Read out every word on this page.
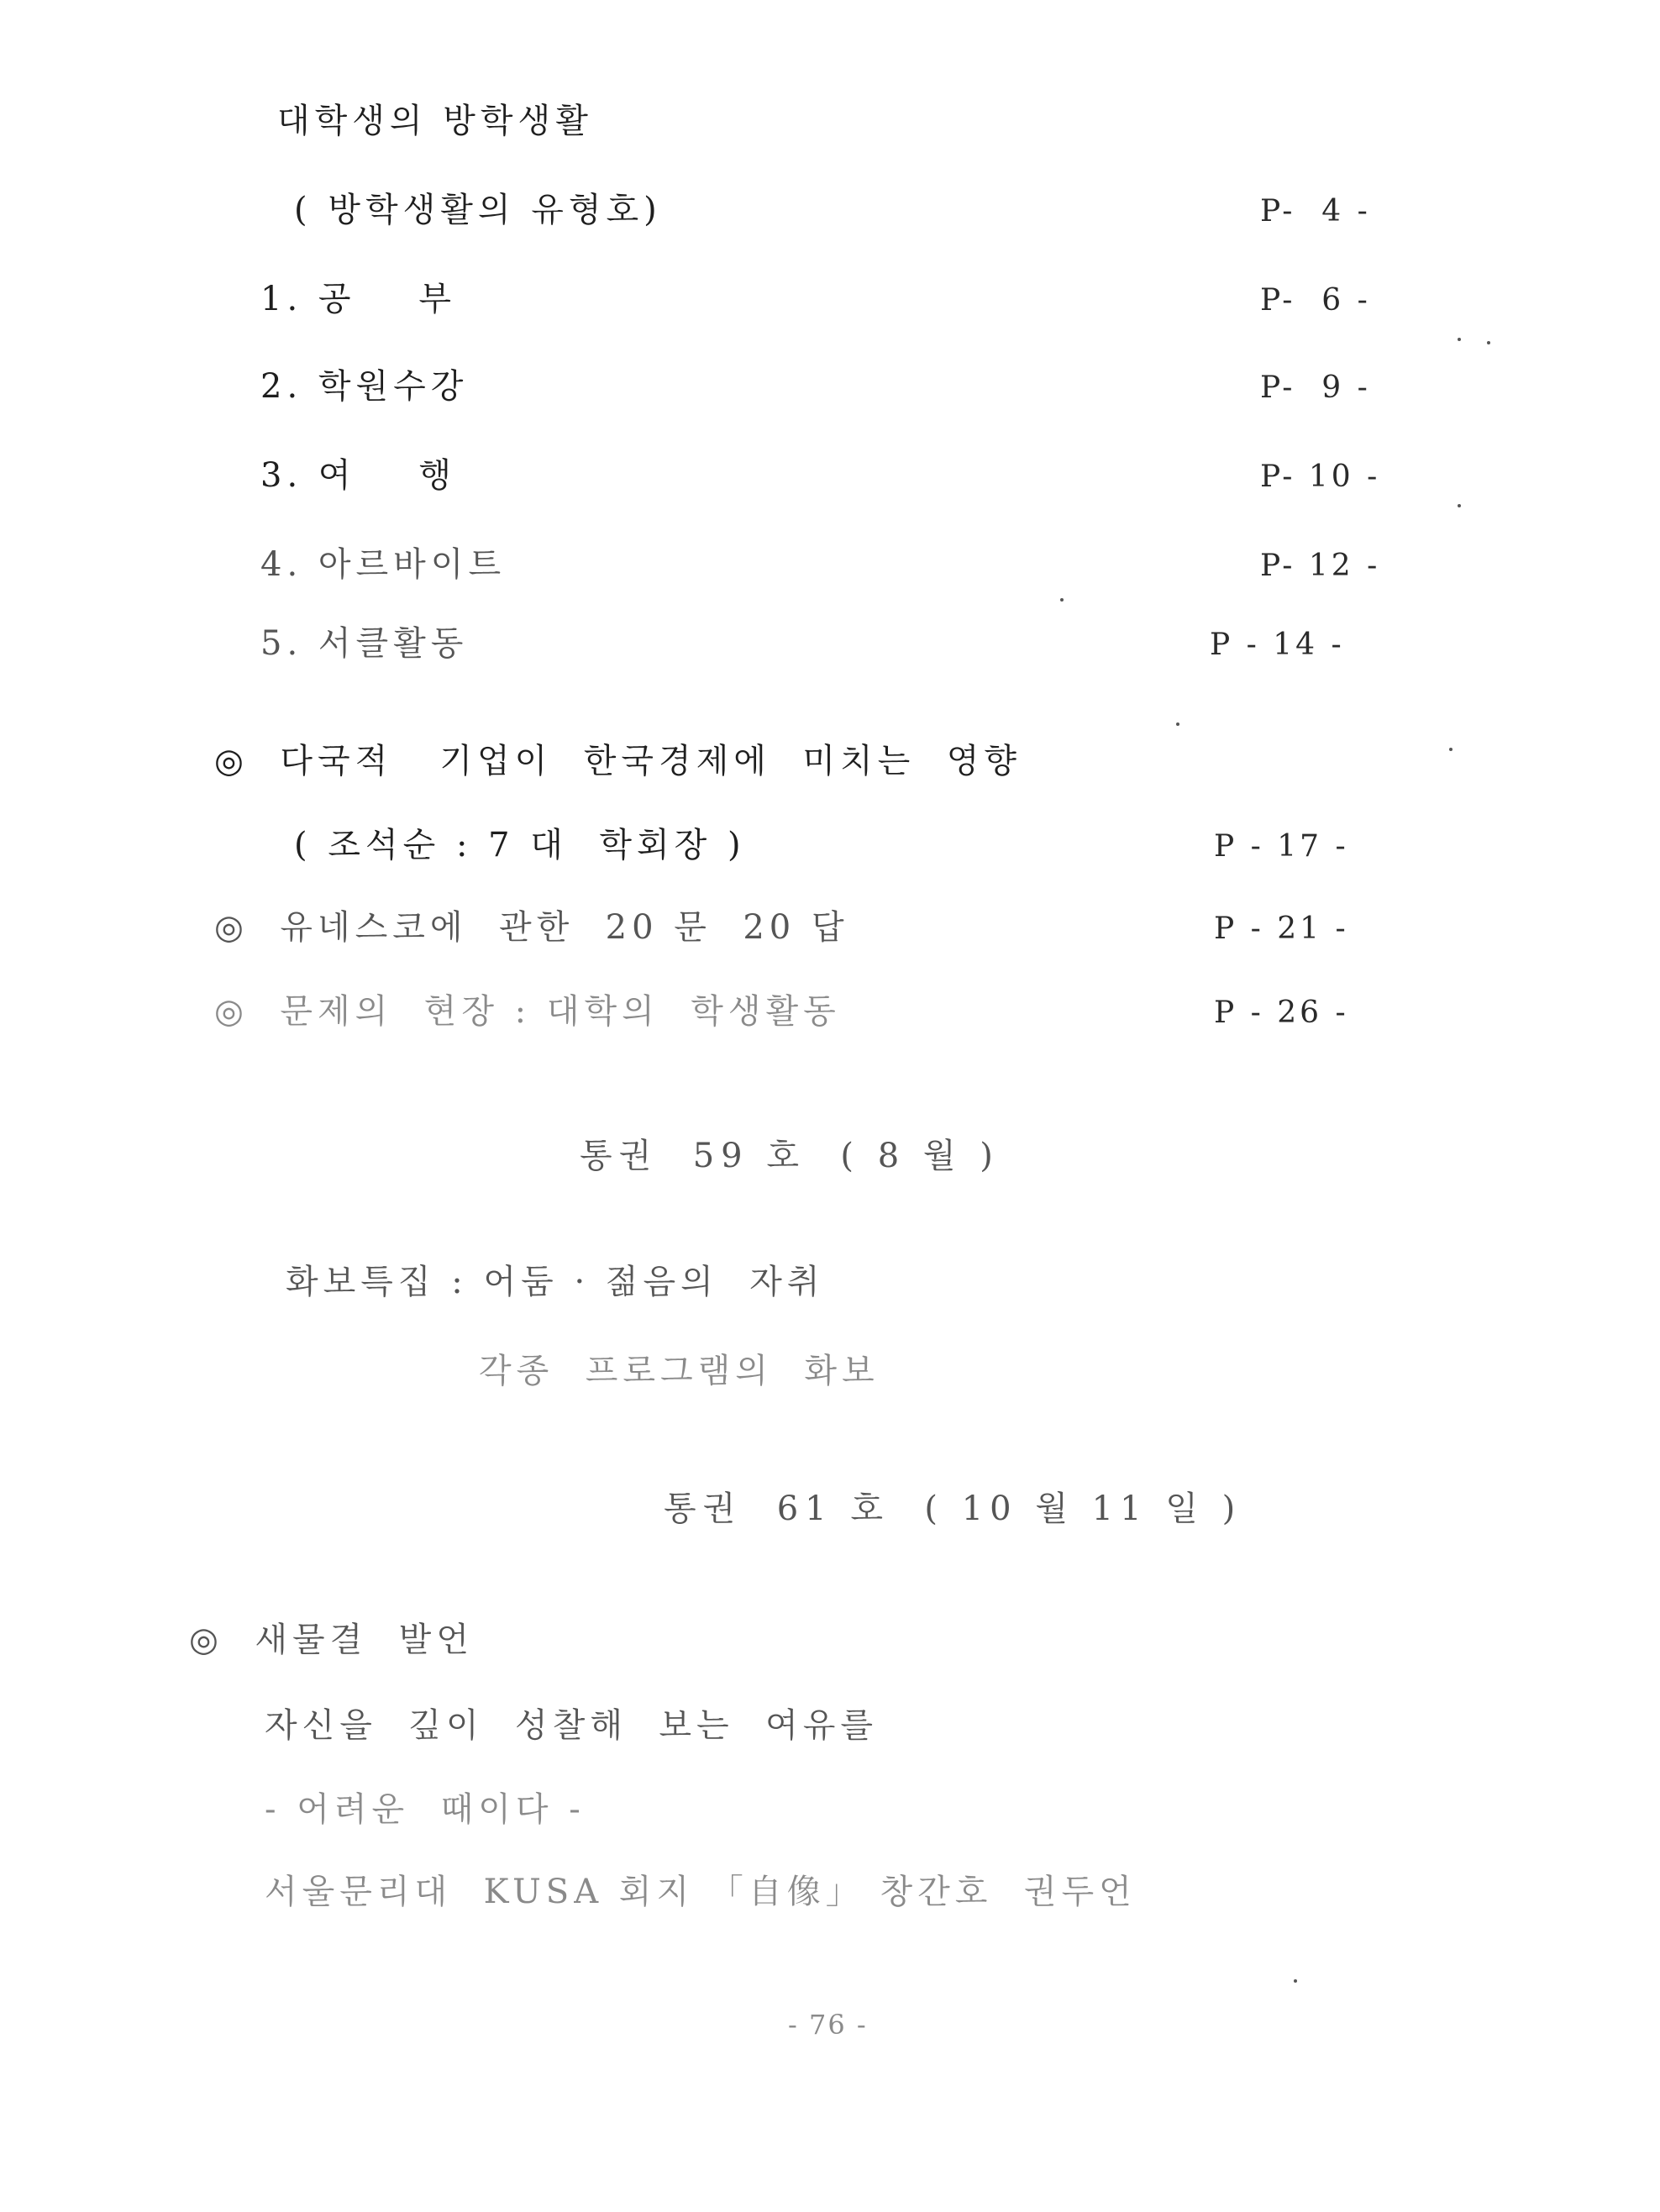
대학생의 방학생활
( 방학생활의 유형호)	P-  4 -
1. 공    부	P-  6 -
2. 학원수강	P-  9 -
3. 여    행	P- 10 -
4. 아르바이트	P- 12 -
5. 서클활동	P - 14 -
◎  다국적   기업이  한국경제에  미치는  영향
( 조석순 : 7 대  학회장 )	P - 17 -
◎  유네스코에  관한  20 문  20 답	P - 21 -
◎  문제의  현장 : 대학의  학생활동	P - 26 -
통권  59 호  ( 8 월 )
화보특집 : 어둠 · 젊음의  자취
각종  프로그램의  화보
통권  61 호  ( 10 월 11 일 )
◎  새물결  발언
자신을  깊이  성찰해  보는  여유를
- 어려운  때이다 -
서울문리대  KUSA 회지 「自像」 창간호  권두언
- 76 -
